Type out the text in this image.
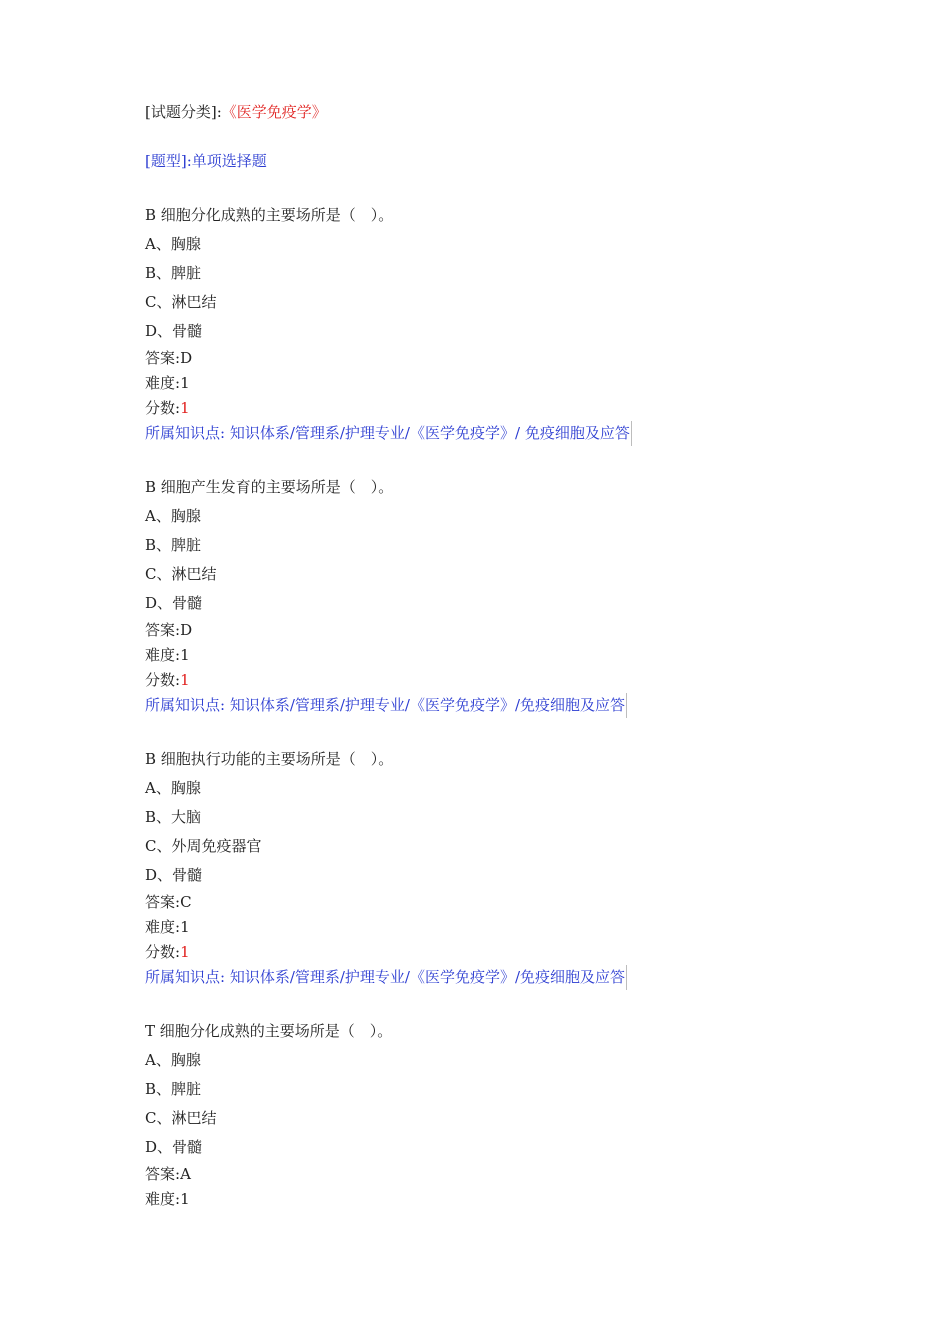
[试题分类]:《医学免疫学》
[题型]:单项选择题
B 细胞分化成熟的主要场所是（　）。
A、胸腺
B、脾脏
C、淋巴结
D、骨髓
答案:D
难度:1
分数:1
所属知识点: 知识体系/管理系/护理专业/《医学免疫学》/ 免疫细胞及应答
B 细胞产生发育的主要场所是（　）。
A、胸腺
B、脾脏
C、淋巴结
D、骨髓
答案:D
难度:1
分数:1
所属知识点: 知识体系/管理系/护理专业/《医学免疫学》/免疫细胞及应答
B 细胞执行功能的主要场所是（　）。
A、胸腺
B、大脑
C、外周免疫器官
D、骨髓
答案:C
难度:1
分数:1
所属知识点: 知识体系/管理系/护理专业/《医学免疫学》/免疫细胞及应答
T 细胞分化成熟的主要场所是（　）。
A、胸腺
B、脾脏
C、淋巴结
D、骨髓
答案:A
难度:1
